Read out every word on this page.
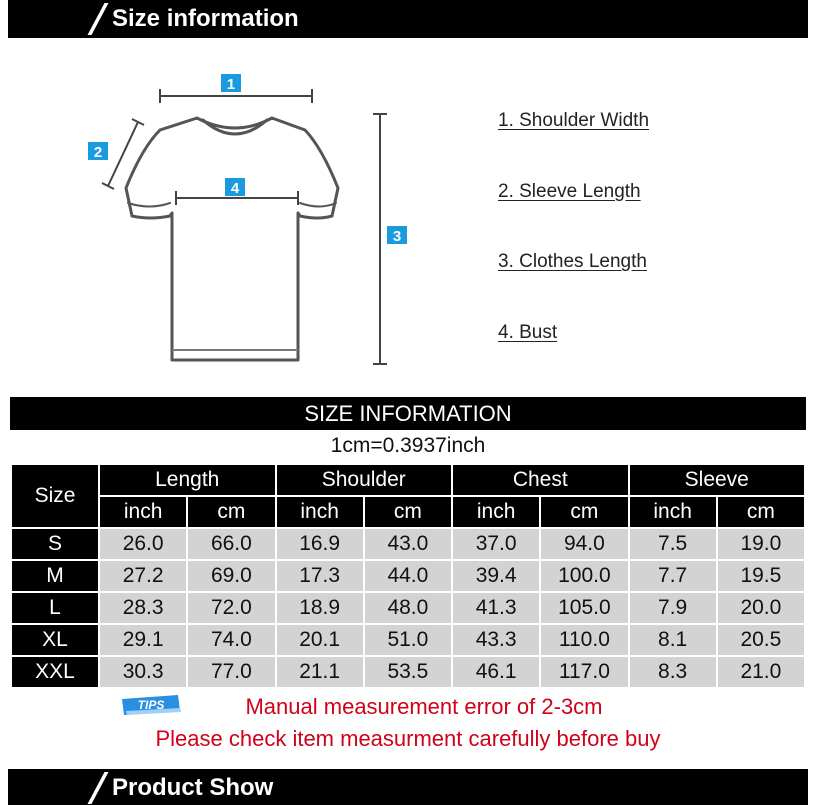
Size information
1
2
4
3
1. Shoulder Width
2. Sleeve Length
3. Clothes Length
4. Bust
SIZE INFORMATION
1cm=0.3937inch
Size	Length		Shoulder		Chest		Sleeve	
	inch	cm	inch	cm	inch	cm	inch	cm
S	26.0	66.0	16.9	43.0	37.0	94.0	7.5	19.0
M	27.2	69.0	17.3	44.0	39.4	100.0	7.7	19.5
L	28.3	72.0	18.9	48.0	41.3	105.0	7.9	20.0
XL	29.1	74.0	20.1	51.0	43.3	110.0	8.1	20.5
XXL	30.3	77.0	21.1	53.5	46.1	117.0	8.3	21.0
TIPS	Manual measurement error of 2-3cm
Please check item measurment carefully before buy
Product Show
